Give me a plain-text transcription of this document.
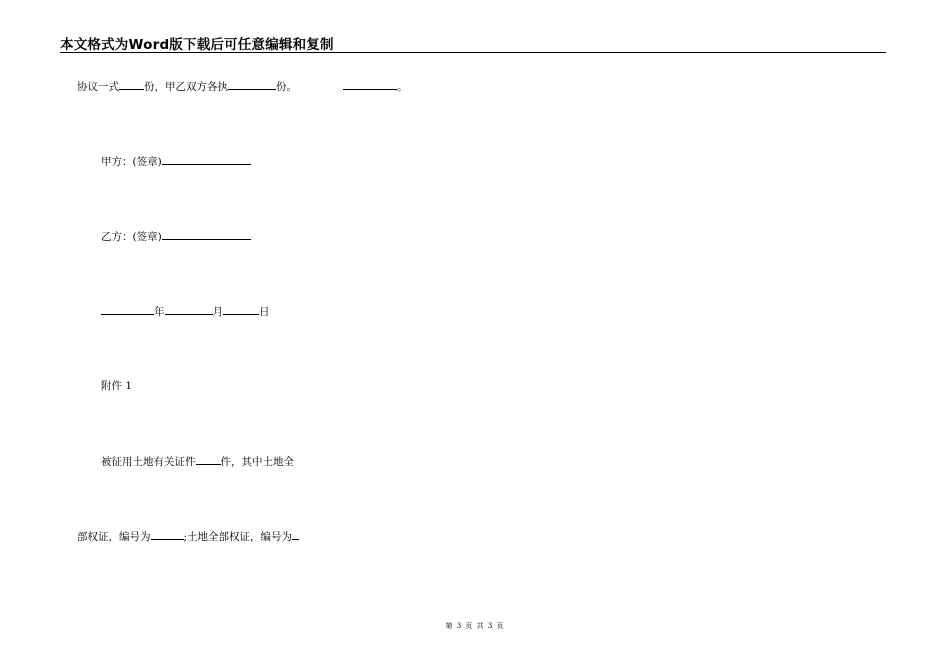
本文格式为Word版下载后可任意编辑和复制
协议一式 份，甲乙双方各执	份。	。
甲方：(签章)
乙方：(签章)
年	月	日
附件 1
被征用土地有关证件 件，其中土地全
部权证，编号为	;土地全部权证，编号为
第 3 页 共 3 页
